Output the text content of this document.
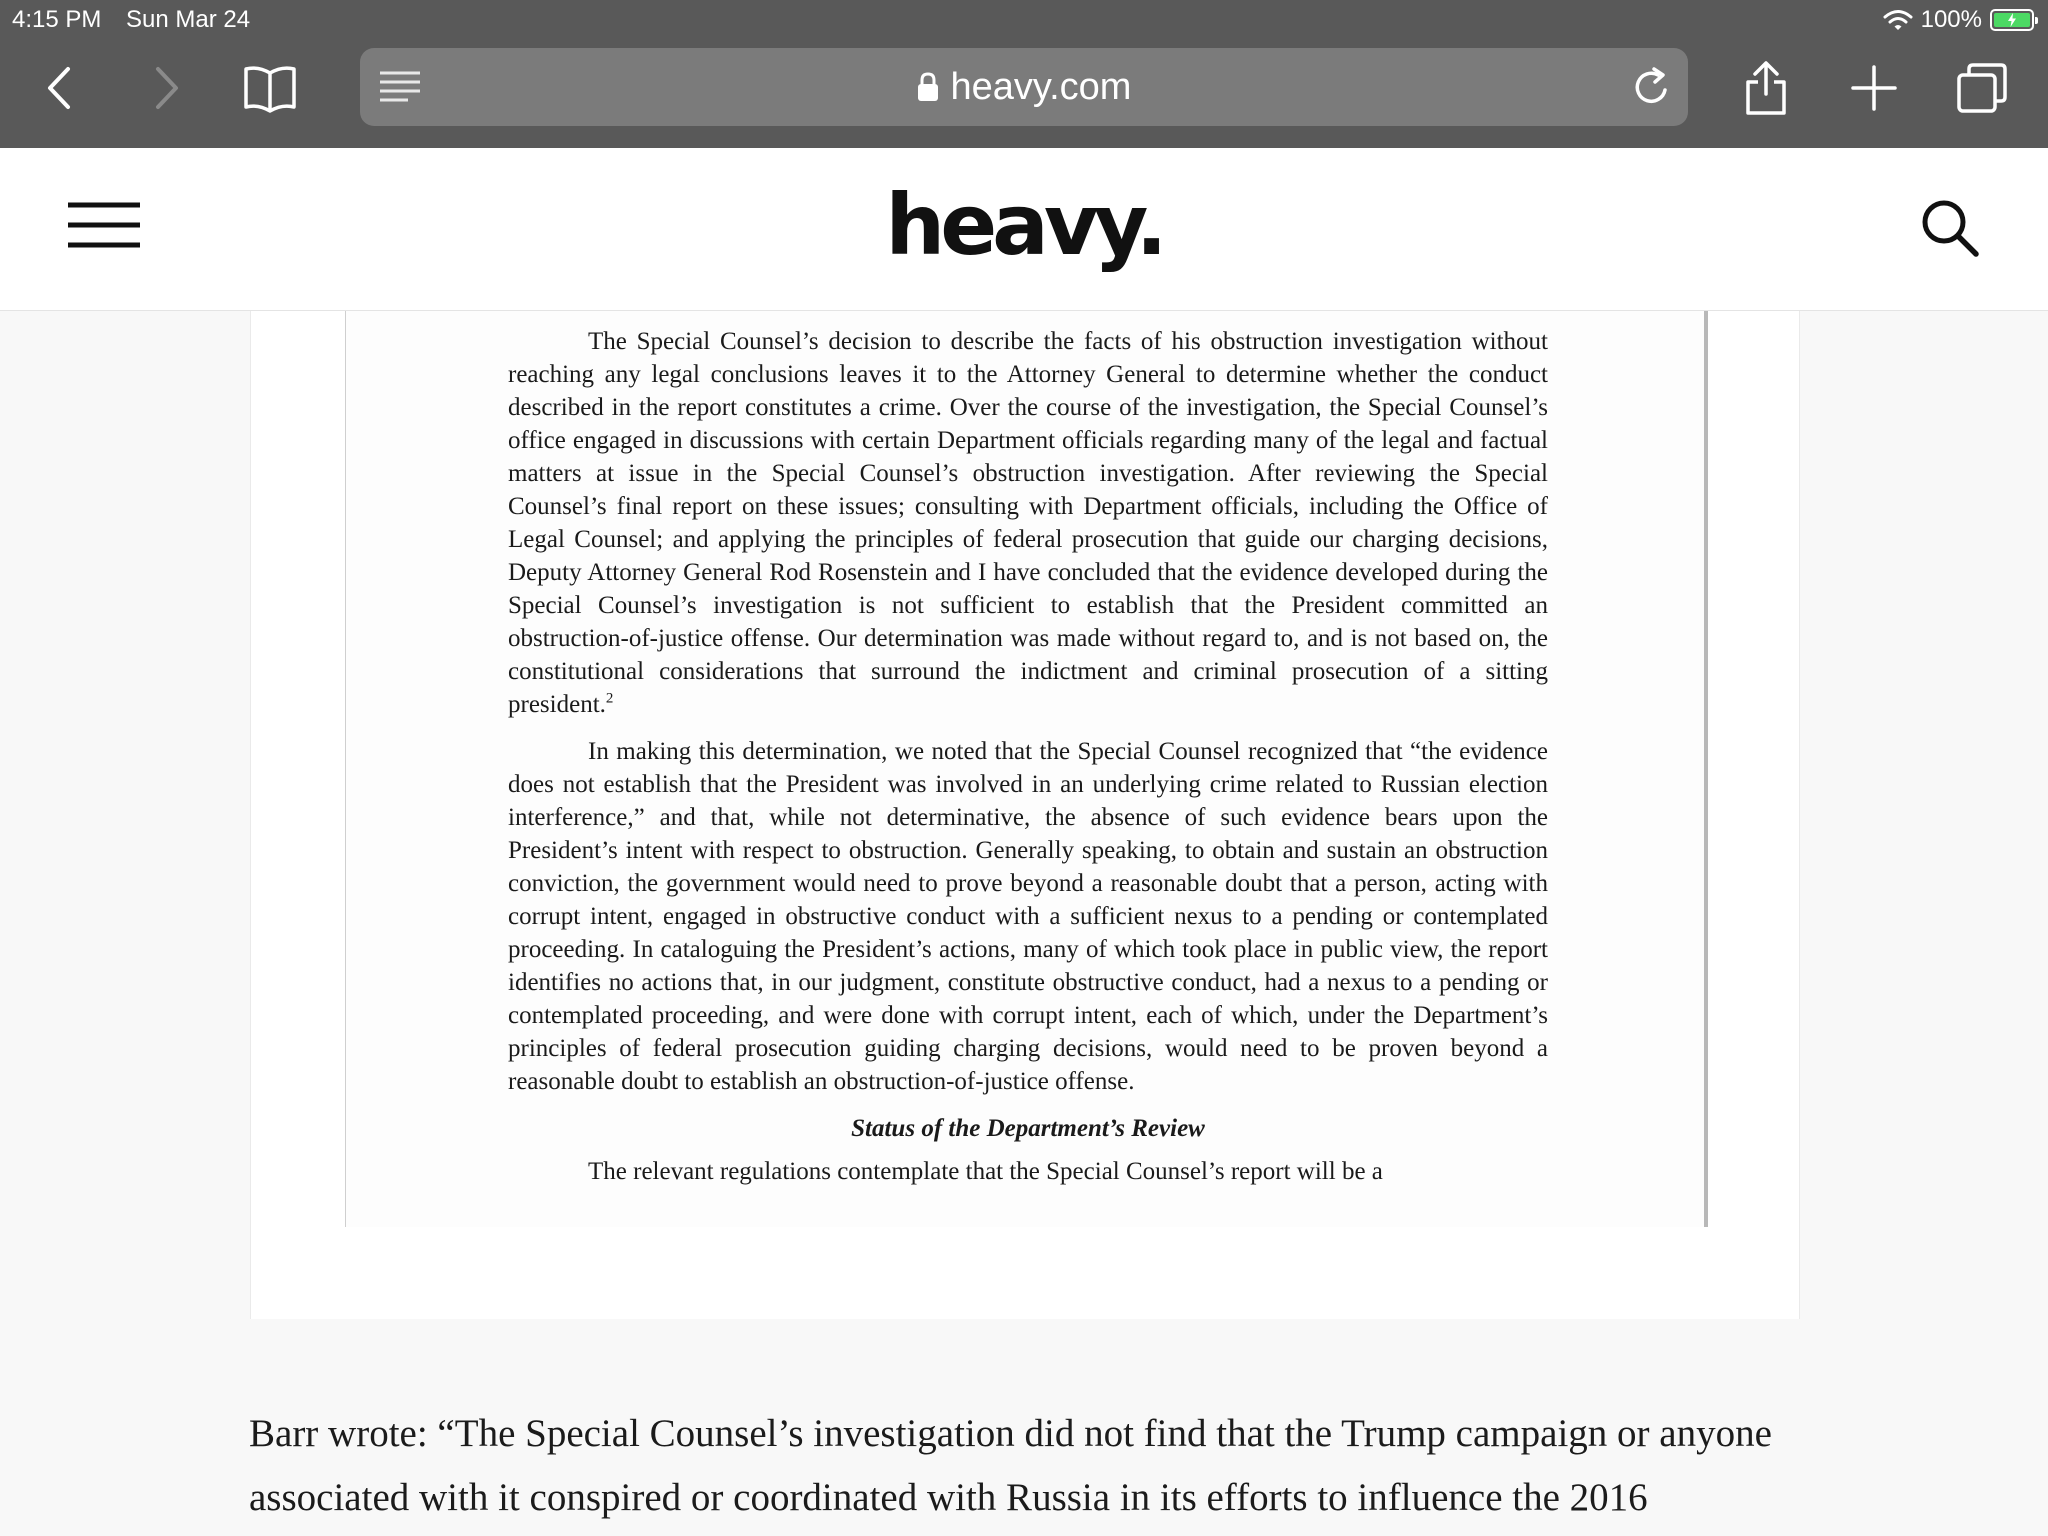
4:15 PM Sun Mar 24	100%
heavy.com
heavy.

The Special Counsel’s decision to describe the facts of his obstruction investigation without reaching any legal conclusions leaves it to the Attorney General to determine whether the conduct described in the report constitutes a crime. Over the course of the investigation, the Special Counsel’s office engaged in discussions with certain Department officials regarding many of the legal and factual matters at issue in the Special Counsel’s obstruction investigation. After reviewing the Special Counsel’s final report on these issues; consulting with Department officials, including the Office of Legal Counsel; and applying the principles of federal prosecution that guide our charging decisions, Deputy Attorney General Rod Rosenstein and I have concluded that the evidence developed during the Special Counsel’s investigation is not sufficient to establish that the President committed an obstruction-of-justice offense. Our determination was made without regard to, and is not based on, the constitutional considerations that surround the indictment and criminal prosecution of a sitting president.$^2$

In making this determination, we noted that the Special Counsel recognized that “the evidence does not establish that the President was involved in an underlying crime related to Russian election interference,” and that, while not determinative, the absence of such evidence bears upon the President’s intent with respect to obstruction. Generally speaking, to obtain and sustain an obstruction conviction, the government would need to prove beyond a reasonable doubt that a person, acting with corrupt intent, engaged in obstructive conduct with a sufficient nexus to a pending or contemplated proceeding. In cataloguing the President’s actions, many of which took place in public view, the report identifies no actions that, in our judgment, constitute obstructive conduct, had a nexus to a pending or contemplated proceeding, and were done with corrupt intent, each of which, under the Department’s principles of federal prosecution guiding charging decisions, would need to be proven beyond a reasonable doubt to establish an obstruction-of-justice offense.

Status of the Department’s Review

The relevant regulations contemplate that the Special Counsel’s report will be a

Barr wrote: “The Special Counsel’s investigation did not find that the Trump campaign or anyone associated with it conspired or coordinated with Russia in its efforts to influence the 2016
